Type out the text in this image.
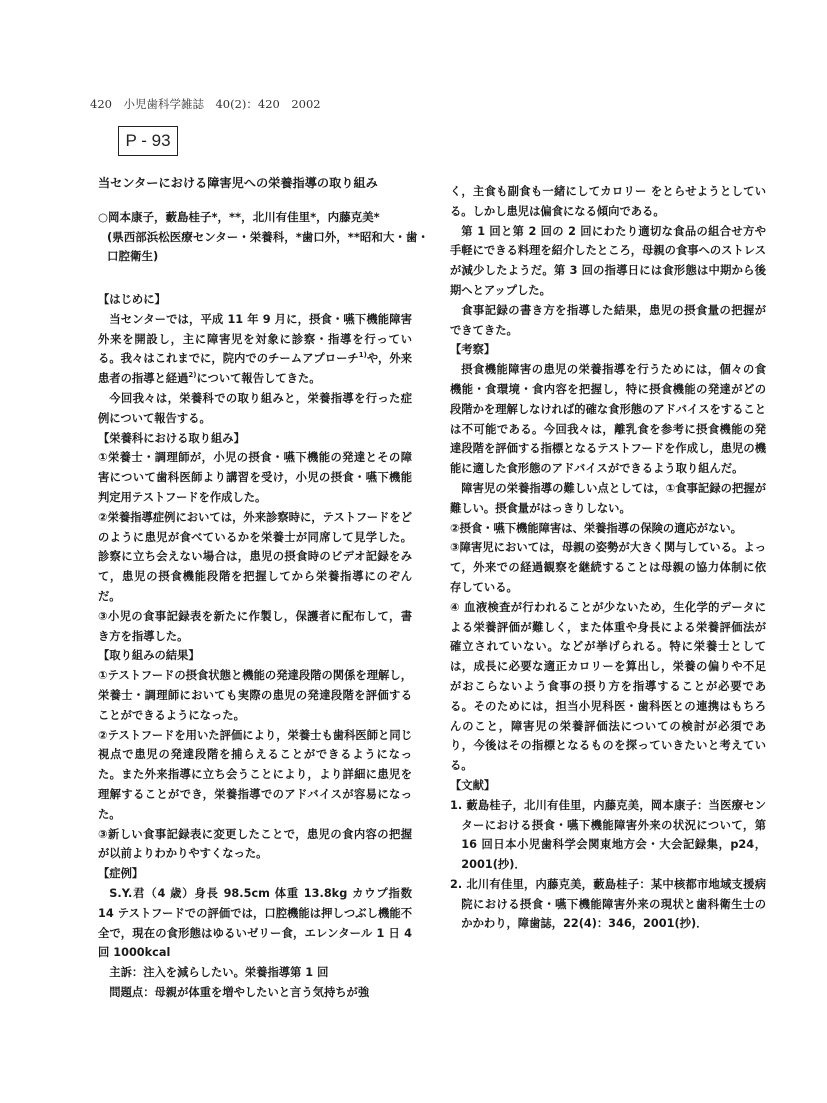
420　小児歯科学雑誌　40(2)：420　2002
P - 93
当センターにおける障害児への栄養指導の取り組み
○岡本康子，藪島桂子*，**，北川有佳里*，内藤克美*
(県西部浜松医療センター・栄養科，*歯口外，**昭和大・歯・口腔衛生)

【はじめに】

当センターでは，平成 11 年 9 月に，摂食・嚥下機能障害外来を開設し，主に障害児を対象に診察・指導を行っている。我々はこれまでに，院内でのチームアプローチ$^{1)}$や，外来患者の指導と経過$^{2)}$について報告してきた。

今回我々は，栄養科での取り組みと，栄養指導を行った症例について報告する。

【栄養科における取り組み】

①栄養士・調理師が，小児の摂食・嚥下機能の発達とその障害について歯科医師より講習を受け，小児の摂食・嚥下機能判定用テストフードを作成した。

②栄養指導症例においては，外来診察時に，テストフードをどのように患児が食べているかを栄養士が同席して見学した。診察に立ち会えない場合は，患児の摂食時のビデオ記録をみて，患児の摂食機能段階を把握してから栄養指導にのぞんだ。

③小児の食事記録表を新たに作製し，保護者に配布して，書き方を指導した。

【取り組みの結果】

①テストフードの摂食状態と機能の発達段階の関係を理解し，栄養士・調理師においても実際の患児の発達段階を評価することができるようになった。

②テストフードを用いた評価により，栄養士も歯科医師と同じ視点で患児の発達段階を捕らえることができるようになった。また外来指導に立ち会うことにより，より詳細に患児を理解することができ，栄養指導でのアドバイスが容易になった。

③新しい食事記録表に変更したことで，患児の食内容の把握が以前よりわかりやすくなった。

【症例】

S.Y.君（4 歳）身長 98.5cm 体重 13.8kg カウプ指数 14 テストフードでの評価では，口腔機能は押しつぶし機能不全で，現在の食形態はゆるいゼリー食，エレンタール 1 日 4 回 1000kcal

主訴：注入を減らしたい。栄養指導第 1 回

問題点：母親が体重を増やしたいと言う気持ちが強

く，主食も副食も一緒にしてカロリー をとらせようとしている。しかし患児は偏食になる傾向である。

第 1 回と第 2 回の 2 回にわたり適切な食品の組合せ方や手軽にできる料理を紹介したところ，母親の食事へのストレスが減少したようだ。第 3 回の指導日には食形態は中期から後期へとアップした。

食事記録の書き方を指導した結果，患児の摂食量の把握ができてきた。

【考察】

摂食機能障害の患児の栄養指導を行うためには，個々の食機能・食環境・食内容を把握し，特に摂食機能の発達がどの段階かを理解しなければ的確な食形態のアドバイスをすることは不可能である。今回我々は，離乳食を参考に摂食機能の発達段階を評価する指標となるテストフードを作成し，患児の機能に適した食形態のアドバイスができるよう取り組んだ。

障害児の栄養指導の難しい点としては，①食事記録の把握が難しい。摂食量がはっきりしない。

②摂食・嚥下機能障害は、栄養指導の保険の適応がない。

③障害児においては，母親の姿勢が大きく関与している。よって，外来での経過観察を継続することは母親の協力体制に依存している。

④ 血液検査が行われることが少ないため，生化学的データによる栄養評価が難しく，また体重や身長による栄養評価法が確立されていない。などが挙げられる。特に栄養士としては，成長に必要な適正カロリーを算出し，栄養の偏りや不足がおこらないよう食事の摂り方を指導することが必要である。そのためには，担当小児科医・歯科医との連携はもちろんのこと，障害児の栄養評価法についての検討が必須であり，今後はその指標となるものを探っていきたいと考えている。

【文献】

1. 藪島桂子，北川有佳里，内藤克美，岡本康子：当医療センターにおける摂食・嚥下機能障害外来の状況について，第 16 回日本小児歯科学会関東地方会・大会記録集，p24，2001(抄)．

2. 北川有佳里，内藤克美，藪島桂子：某中核都市地域支援病院における摂食・嚥下機能障害外来の現状と歯科衛生士のかかわり，障歯誌，22(4)：346，2001(抄)．
